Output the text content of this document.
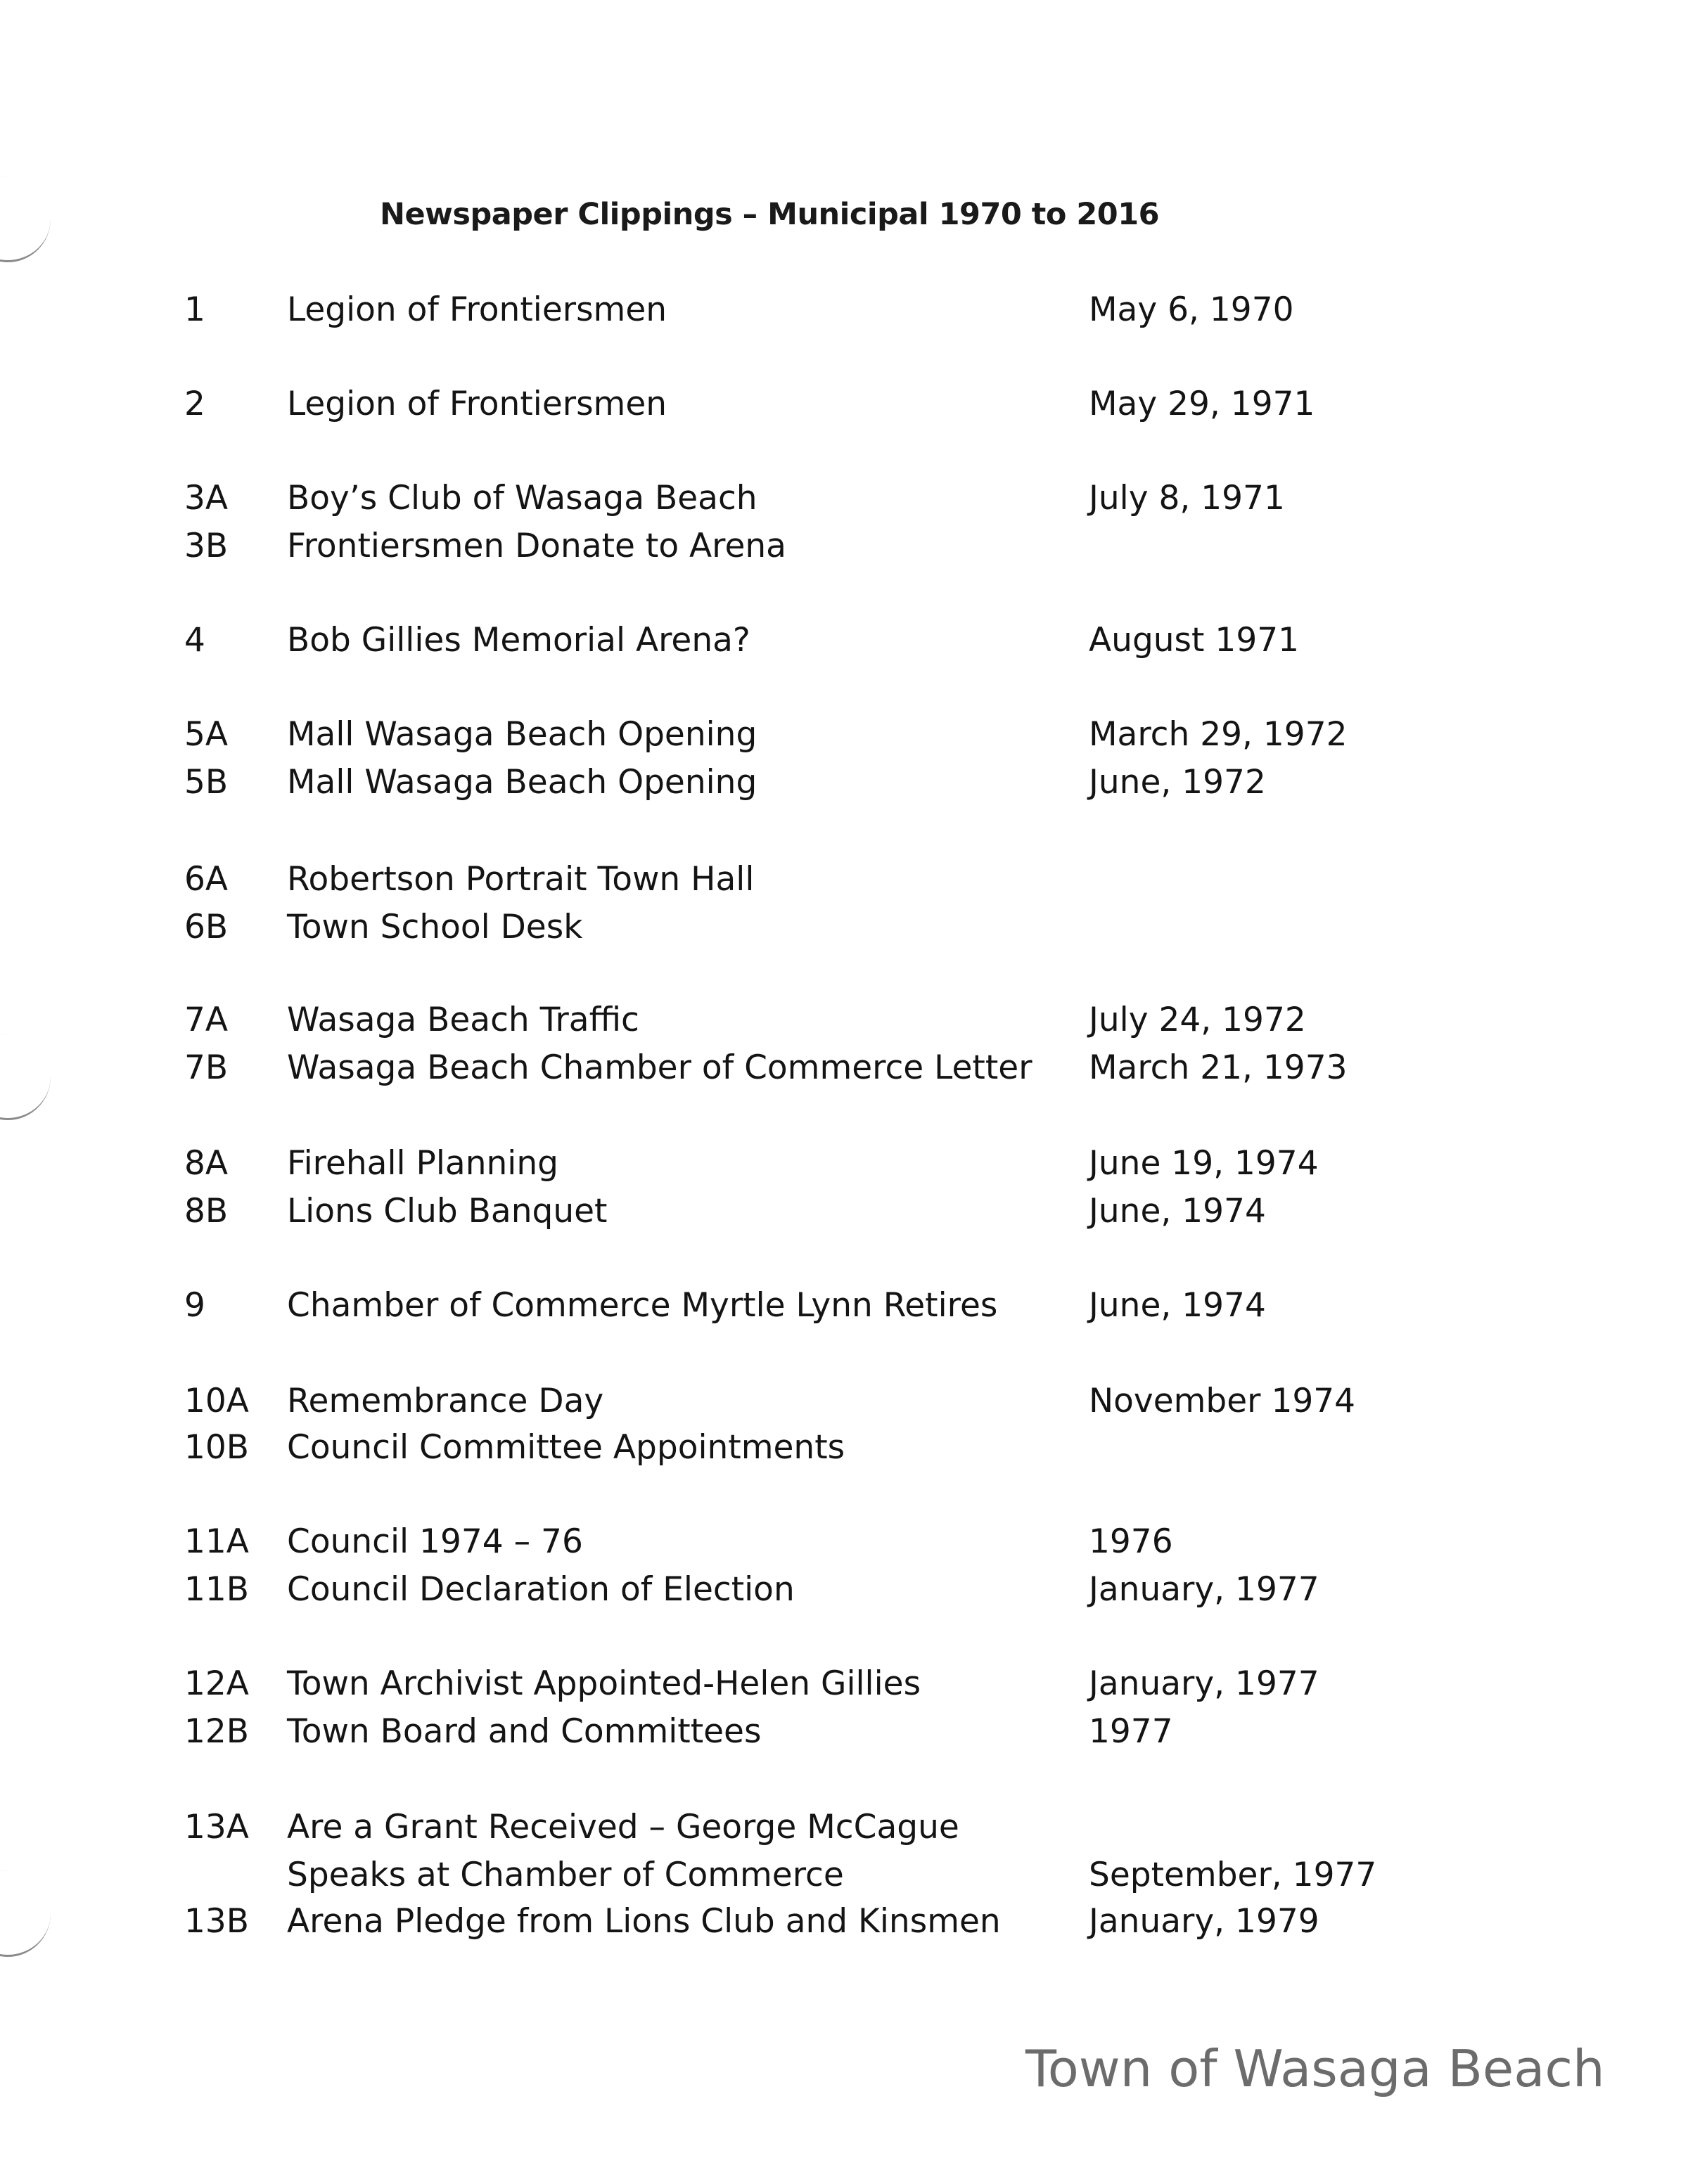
Newspaper Clippings – Municipal 1970 to 2016
1 Legion of Frontiersmen	May 6, 1970
2 Legion of Frontiersmen	May 29, 1971
3A Boy’s Club of Wasaga Beach	July 8, 1971
3B Frontiersmen Donate to Arena
4 Bob Gillies Memorial Arena?	August 1971
5A Mall Wasaga Beach Opening	March 29, 1972
5B Mall Wasaga Beach Opening	June, 1972
6A Robertson Portrait Town Hall
6B Town School Desk
7A Wasaga Beach Traffic	July 24, 1972
7B Wasaga Beach Chamber of Commerce Letter March 21, 1973
8A Firehall Planning	June 19, 1974
8B Lions Club Banquet	June, 1974
9 Chamber of Commerce Myrtle Lynn Retires	June, 1974
10A Remembrance Day	November 1974
10B Council Committee Appointments
11A Council 1974 – 76	1976
11B Council Declaration of Election	January, 1977
12A Town Archivist Appointed-Helen Gillies	January, 1977
12B Town Board and Committees	1977
13A Are a Grant Received – George McCague
Speaks at Chamber of Commerce	September, 1977
13B Arena Pledge from Lions Club and Kinsmen	January, 1979
Town of Wasaga Beach
